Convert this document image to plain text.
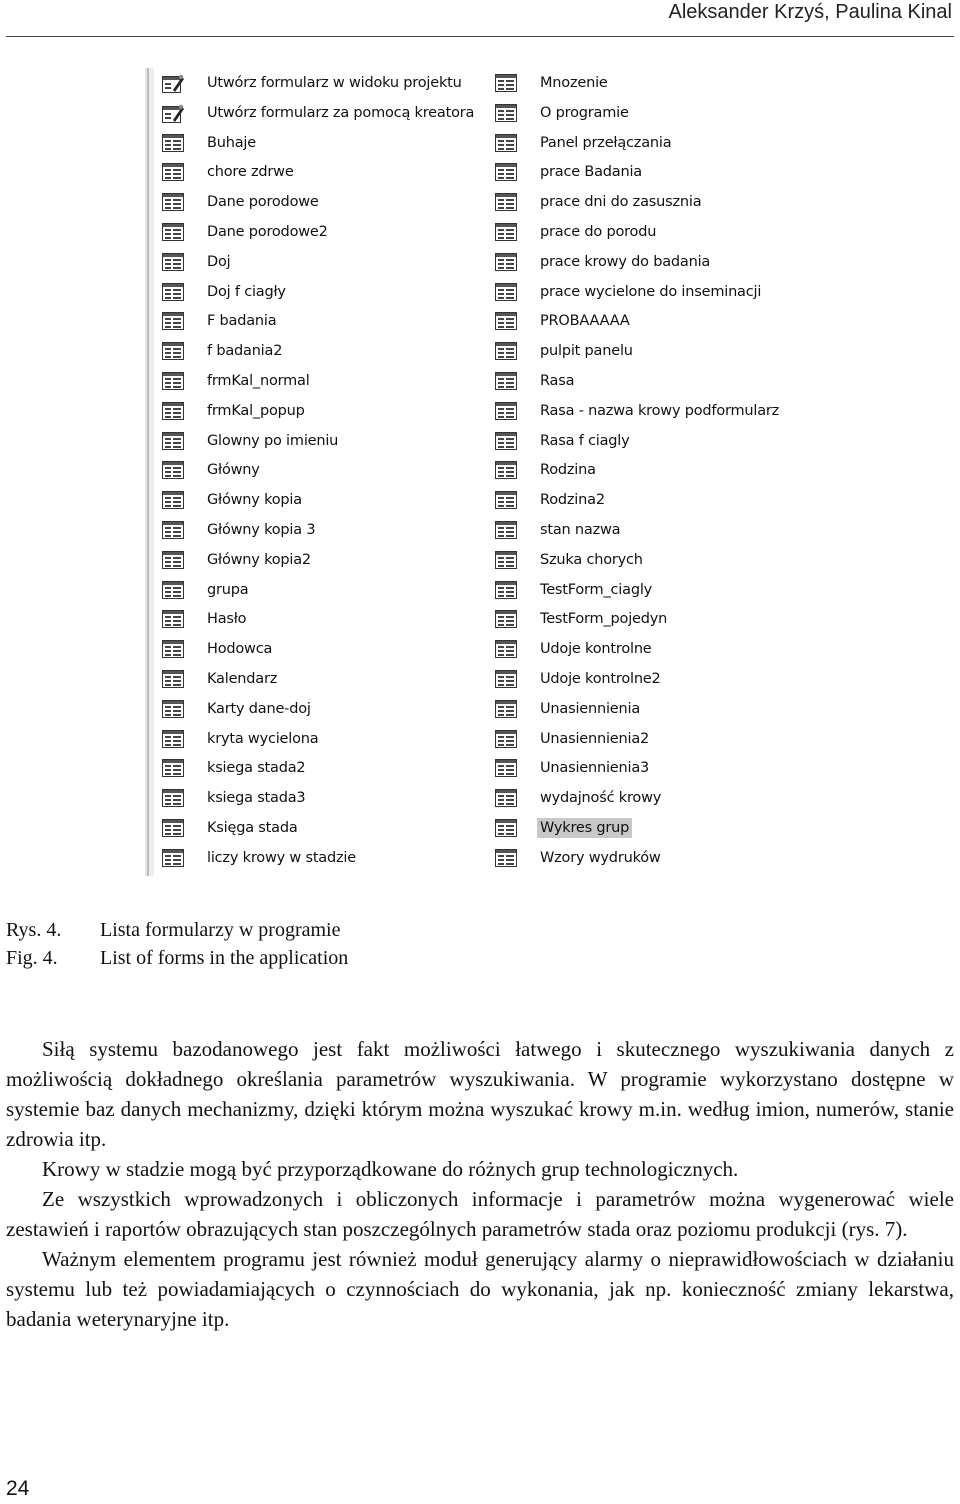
Aleksander Krzyś, Paulina Kinal
Utwórz formularz w widoku projektu
Utwórz formularz za pomocą kreatora
Buhaje
chore zdrwe
Dane porodowe
Dane porodowe2
Doj
Doj f ciagły
F badania
f badania2
frmKal_normal
frmKal_popup
Glowny po imieniu
Główny
Główny kopia
Główny kopia 3
Główny kopia2
grupa
Hasło
Hodowca
Kalendarz
Karty dane-doj
kryta wycielona
ksiega stada2
ksiega stada3
Księga stada
liczy krowy w stadzie
Mnozenie
O programie
Panel przełączania
prace Badania
prace dni do zasusznia
prace do porodu
prace krowy do badania
prace wycielone do inseminacji
PROBAAAAA
pulpit panelu
Rasa
Rasa - nazwa krowy podformularz
Rasa f ciagly
Rodzina
Rodzina2
stan nazwa
Szuka chorych
TestForm_ciagly
TestForm_pojedyn
Udoje kontrolne
Udoje kontrolne2
Unasiennienia
Unasiennienia2
Unasiennienia3
wydajność krowy
Wykres grup
Wzory wydruków
Rys. 4.	Lista formularzy w programie
Fig. 4.	List of forms in the application

Siłą systemu bazodanowego jest fakt możliwości łatwego i skutecznego wyszukiwania danych z możliwością dokładnego określania parametrów wyszukiwania. W programie wykorzystano dostępne w systemie baz danych mechanizmy, dzięki którym można wyszukać krowy m.in. według imion, numerów, stanie zdrowia itp.

Krowy w stadzie mogą być przyporządkowane do różnych grup technologicznych.

Ze wszystkich wprowadzonych i obliczonych informacje i parametrów można wygenerować wiele zestawień i raportów obrazujących stan poszczególnych parametrów stada oraz poziomu produkcji (rys. 7).

Ważnym elementem programu jest również moduł generujący alarmy o nieprawidłowościach w działaniu systemu lub też powiadamiających o czynnościach do wykonania, jak np. konieczność zmiany lekarstwa, badania weterynaryjne itp.

24
